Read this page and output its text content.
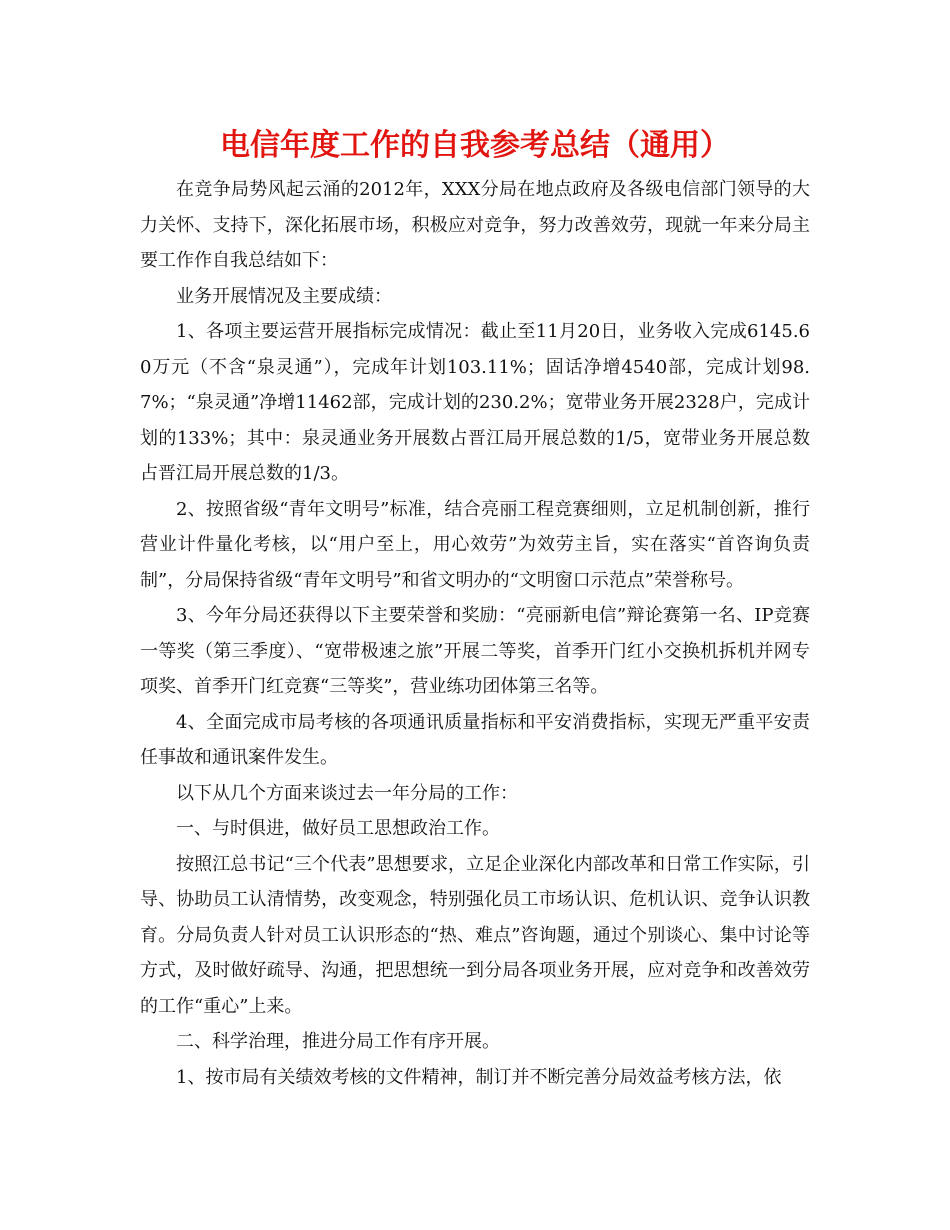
电信年度工作的自我参考总结（通用）

在竞争局势风起云涌的2012年，XXX分局在地点政府及各级电信部门领导的大力关怀、支持下，深化拓展市场，积极应对竞争，努力改善效劳，现就一年来分局主要工作作自我总结如下：

业务开展情况及主要成绩：

1、各项主要运营开展指标完成情况：截止至11月20日，业务收入完成6145.60万元（不含“泉灵通”），完成年计划103.11%；固话净增4540部，完成计划98.7%；“泉灵通”净增11462部，完成计划的230.2%；宽带业务开展2328户，完成计划的133%；其中：泉灵通业务开展数占晋江局开展总数的1/5，宽带业务开展总数占晋江局开展总数的1/3。

2、按照省级“青年文明号”标准，结合亮丽工程竞赛细则，立足机制创新，推行营业计件量化考核，以“用户至上，用心效劳”为效劳主旨，实在落实“首咨询负责制”，分局保持省级“青年文明号”和省文明办的“文明窗口示范点”荣誉称号。

3、今年分局还获得以下主要荣誉和奖励：“亮丽新电信”辩论赛第一名、IP竞赛一等奖（第三季度）、“宽带极速之旅”开展二等奖，首季开门红小交换机拆机并网专项奖、首季开门红竞赛“三等奖”，营业练功团体第三名等。

4、全面完成市局考核的各项通讯质量指标和平安消费指标，实现无严重平安责任事故和通讯案件发生。

以下从几个方面来谈过去一年分局的工作：

一、与时俱进，做好员工思想政治工作。

按照江总书记“三个代表”思想要求，立足企业深化内部改革和日常工作实际，引导、协助员工认清情势，改变观念，特别强化员工市场认识、危机认识、竞争认识教育。分局负责人针对员工认识形态的“热、难点”咨询题，通过个别谈心、集中讨论等方式，及时做好疏导、沟通，把思想统一到分局各项业务开展，应对竞争和改善效劳的工作“重心”上来。

二、科学治理，推进分局工作有序开展。

1、按市局有关绩效考核的文件精神，制订并不断完善分局效益考核方法，依
